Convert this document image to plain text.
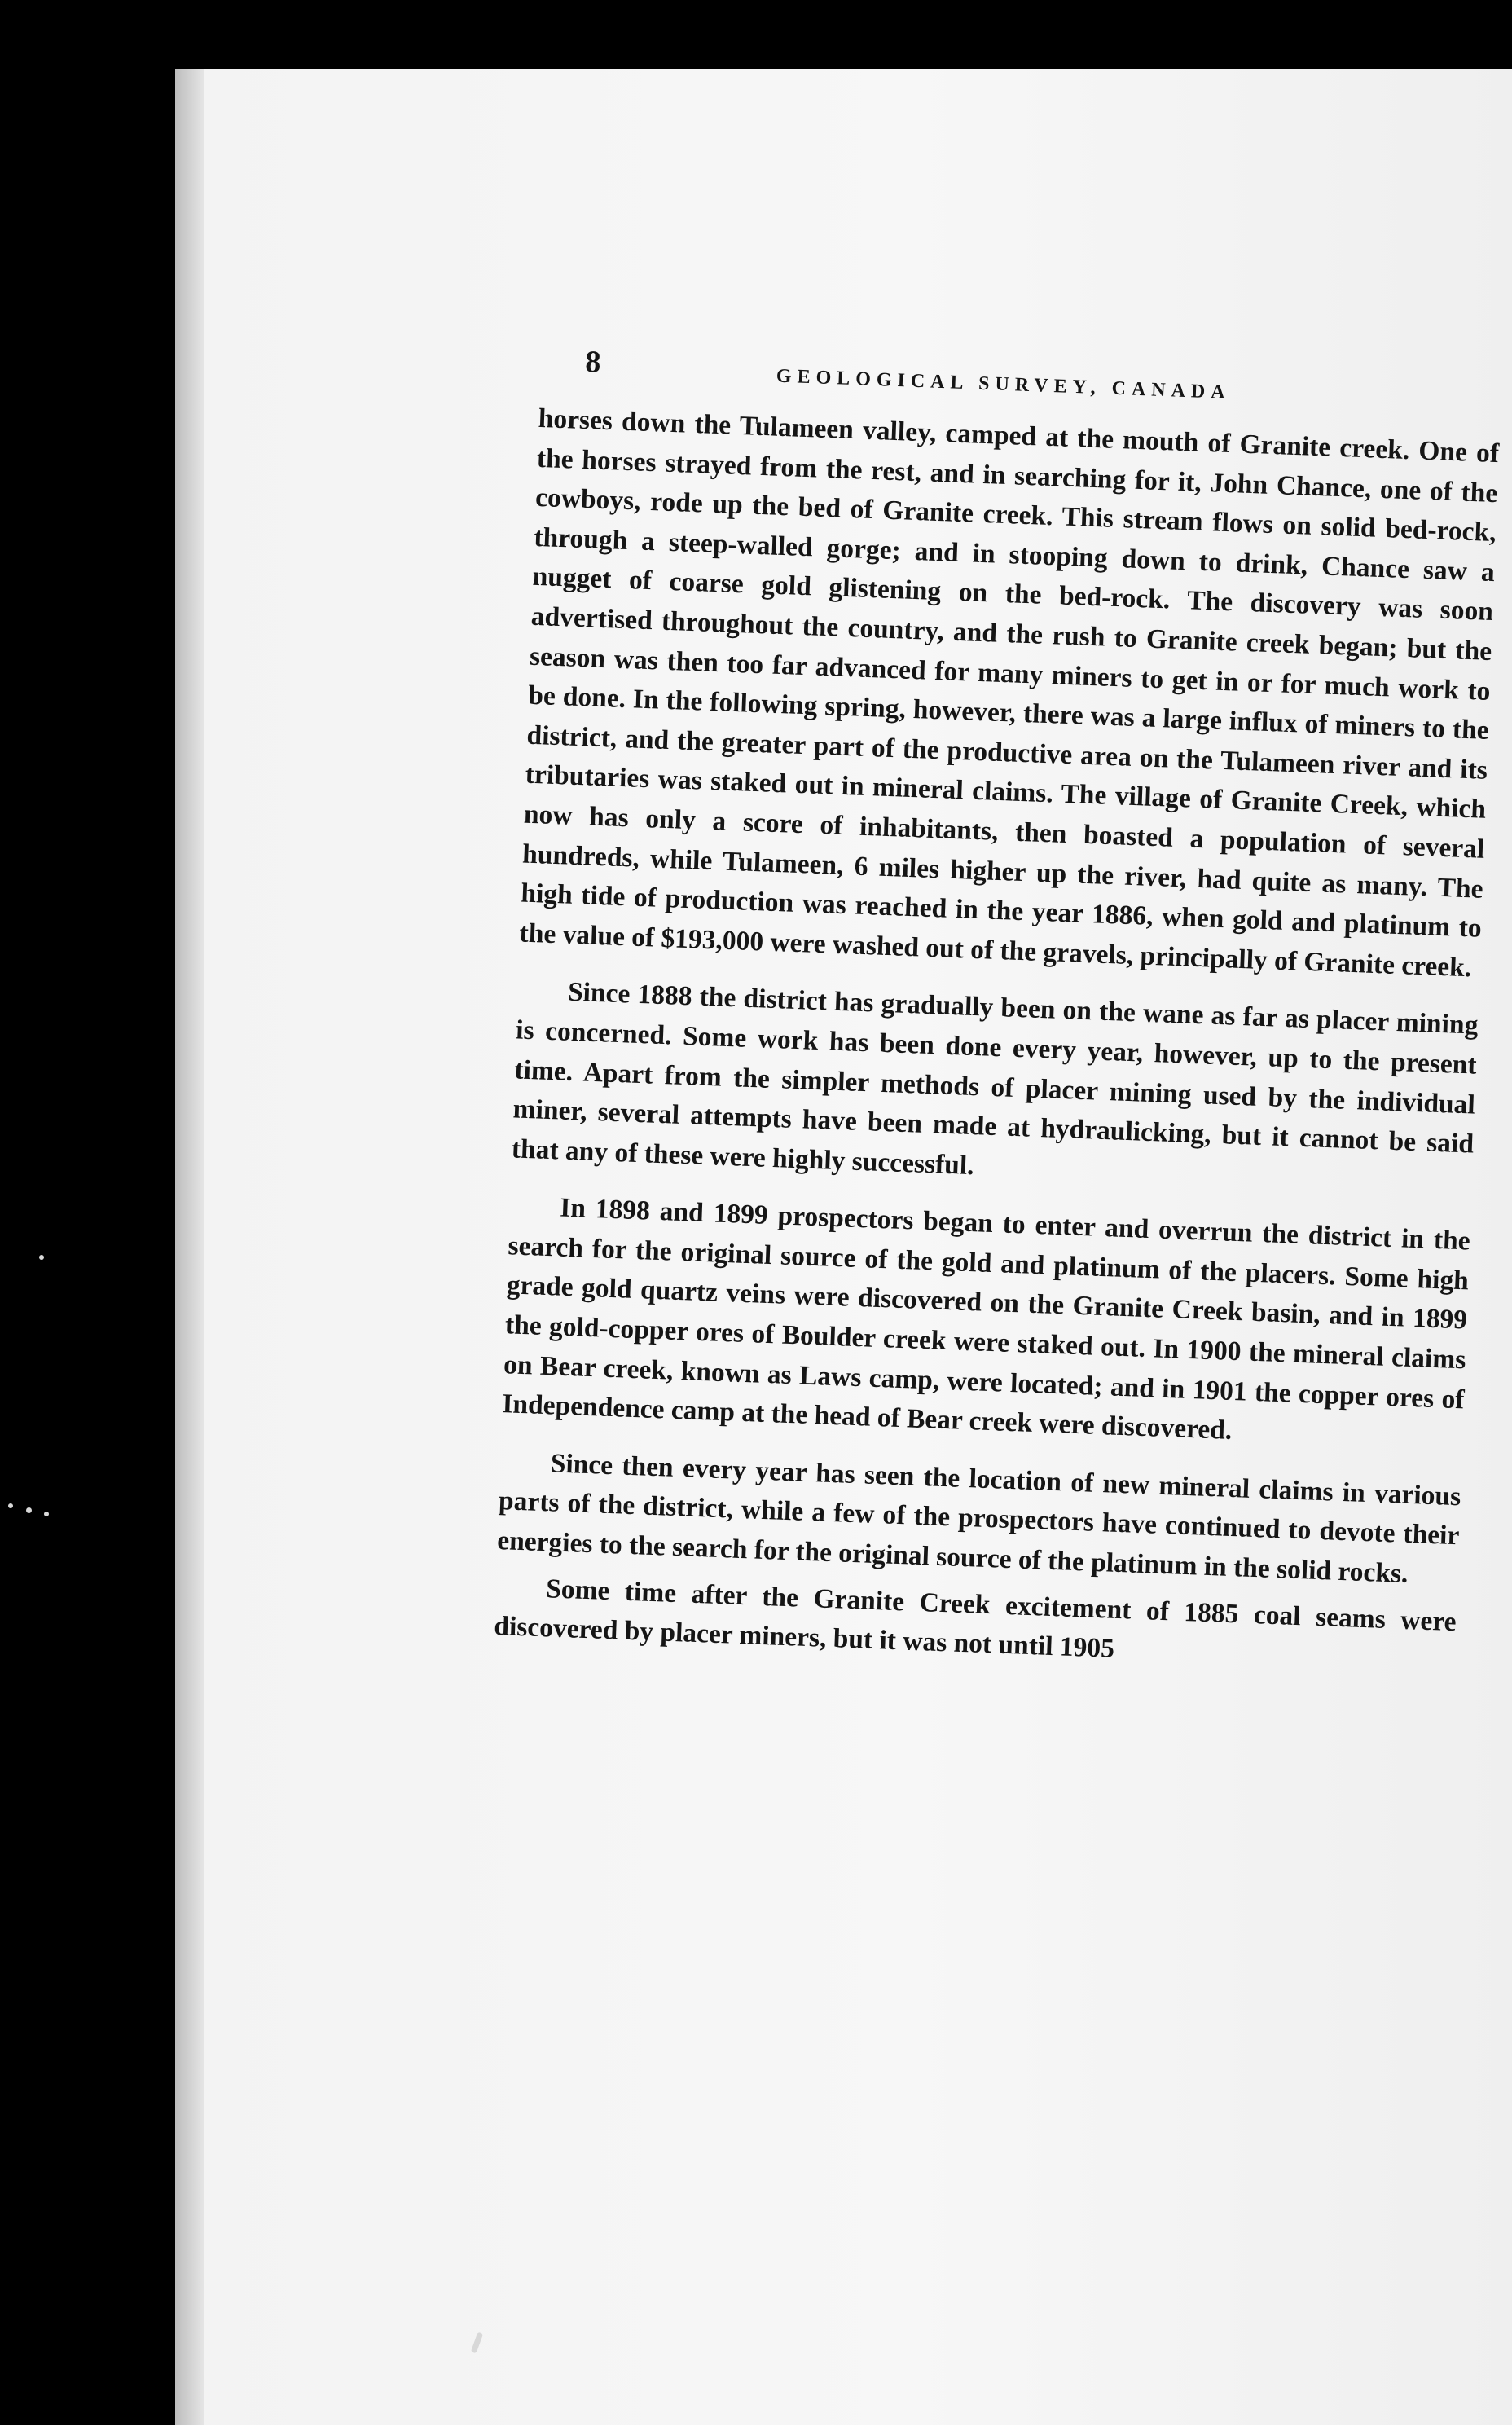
8
GEOLOGICAL SURVEY, CANADA

horses down the Tulameen valley, camped at the mouth of Granite creek. One of the horses strayed from the rest, and in searching for it, John Chance, one of the cowboys, rode up the bed of Granite creek. This stream flows on solid bed-rock, through a steep-walled gorge; and in stooping down to drink, Chance saw a nugget of coarse gold glistening on the bed-rock. The discovery was soon advertised throughout the country, and the rush to Granite creek began; but the season was then too far advanced for many miners to get in or for much work to be done. In the following spring, however, there was a large influx of miners to the district, and the greater part of the productive area on the Tulameen river and its tributaries was staked out in mineral claims. The village of Granite Creek, which now has only a score of inhabitants, then boasted a population of several hundreds, while Tulameen, 6 miles higher up the river, had quite as many. The high tide of production was reached in the year 1886, when gold and platinum to the value of $193,000 were washed out of the gravels, principally of Granite creek.

Since 1888 the district has gradually been on the wane as far as placer mining is concerned. Some work has been done every year, however, up to the present time. Apart from the simpler methods of placer mining used by the individual miner, several attempts have been made at hydraulicking, but it cannot be said that any of these were highly successful.

In 1898 and 1899 prospectors began to enter and overrun the district in the search for the original source of the gold and platinum of the placers. Some high grade gold quartz veins were discovered on the Granite Creek basin, and in 1899 the gold-copper ores of Boulder creek were staked out. In 1900 the mineral claims on Bear creek, known as Laws camp, were located; and in 1901 the copper ores of Independence camp at the head of Bear creek were discovered.

Since then every year has seen the location of new mineral claims in various parts of the district, while a few of the prospectors have continued to devote their energies to the search for the original source of the platinum in the solid rocks.

Some time after the Granite Creek excitement of 1885 coal seams were discovered by placer miners, but it was not until 1905
